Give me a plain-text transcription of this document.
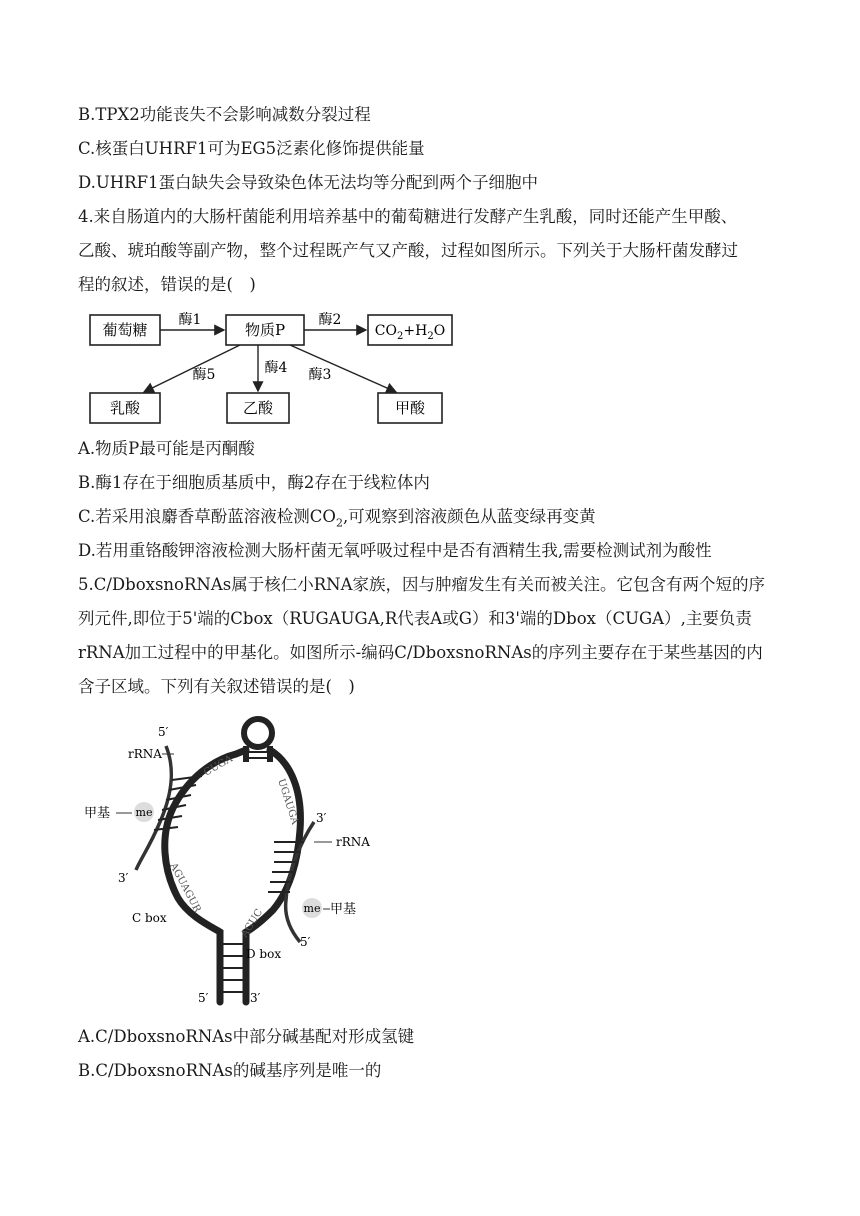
B.TPX2功能丧失不会影响减数分裂过程
C.核蛋白UHRF1可为EG5泛素化修饰提供能量
D.UHRF1蛋白缺失会导致染色体无法均等分配到两个子细胞中
4.来自肠道内的大肠杆菌能利用培养基中的葡萄糖进行发酵产生乳酸，同时还能产生甲酸、
乙酸、琥珀酸等副产物，整个过程既产气又产酸，过程如图所示。下列关于大肠杆菌发酵过
程的叙述，错误的是(　)
葡萄糖	物质P	$CO_2+H_2O$
乳酸	乙酸	甲酸
酶1	酶2
酶4
酶5	酶3
A.物质P最可能是丙酮酸
B.酶1存在于细胞质基质中，酶2存在于线粒体内
C.若采用浪麝香草酚蓝溶液检测$CO_2$,可观察到溶液颜色从蓝变绿再变黄
D.若用重铬酸钾溶液检测大肠杆菌无氧呼吸过程中是否有酒精生我,需要检测试剂为酸性
5.C/DboxsnoRNAs属于核仁小RNA家族，因与肿瘤发生有关而被关注。它包含有两个短的序
列元件,即位于5'端的Cbox（RUGAUGA,R代表A或G）和3'端的Dbox（CUGA）,主要负责
rRNA加工过程中的甲基化。如图所示-编码C/DboxsnoRNAs的序列主要存在于某些基因的内
含子区域。下列有关叙述错误的是(　)
CUGA
UGAUGA
AGUAGUR
AGUC
me
me
5′
rRNA
甲基
3′
3′
rRNA
甲基
5′
C box
D box
5′	3′
A.C/DboxsnoRNAs中部分碱基配对形成氢键
B.C/DboxsnoRNAs的碱基序列是唯一的
